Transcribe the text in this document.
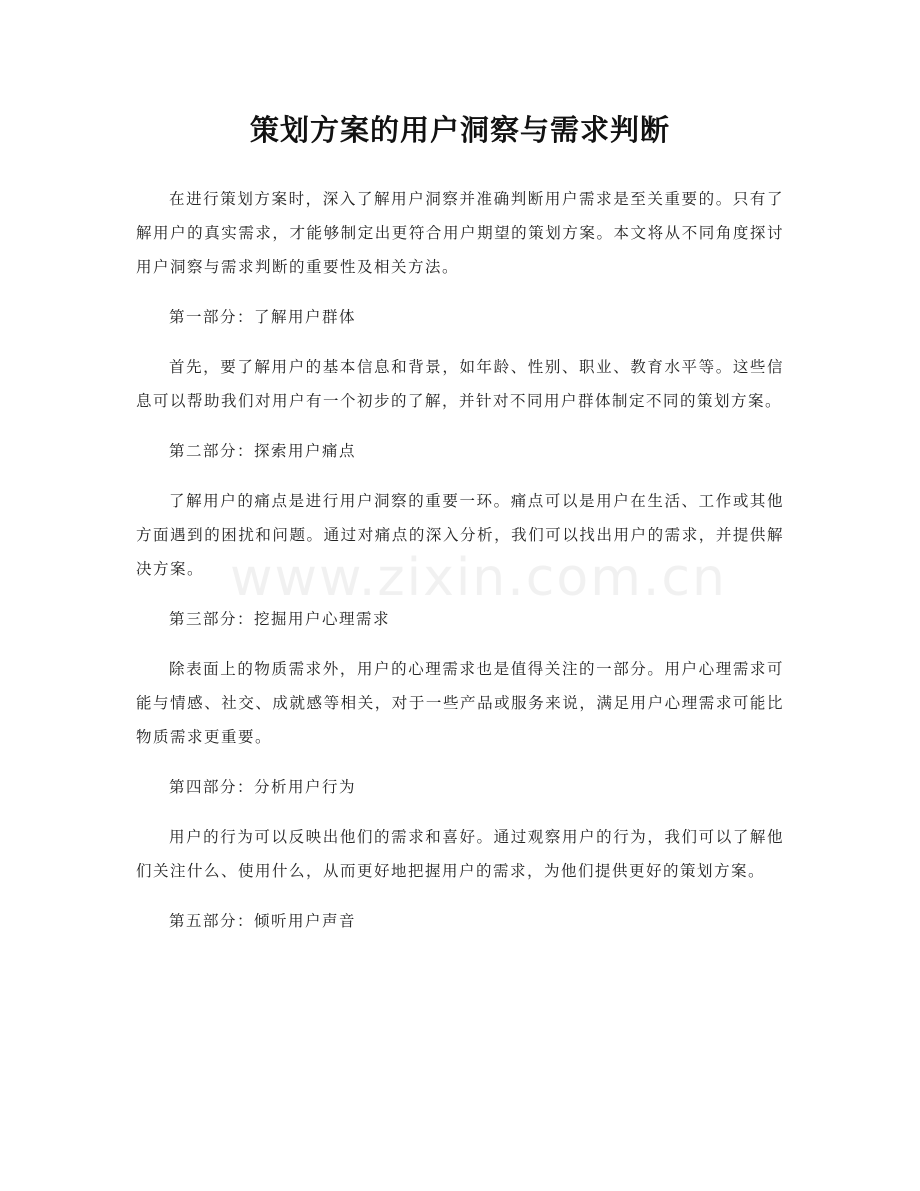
策划方案的用户洞察与需求判断

在进行策划方案时，深入了解用户洞察并准确判断用户需求是至关重要的。只有了解用户的真实需求，才能够制定出更符合用户期望的策划方案。本文将从不同角度探讨用户洞察与需求判断的重要性及相关方法。

第一部分：了解用户群体

首先，要了解用户的基本信息和背景，如年龄、性别、职业、教育水平等。这些信息可以帮助我们对用户有一个初步的了解，并针对不同用户群体制定不同的策划方案。

第二部分：探索用户痛点

了解用户的痛点是进行用户洞察的重要一环。痛点可以是用户在生活、工作或其他方面遇到的困扰和问题。通过对痛点的深入分析，我们可以找出用户的需求，并提供解决方案。

第三部分：挖掘用户心理需求

除表面上的物质需求外，用户的心理需求也是值得关注的一部分。用户心理需求可能与情感、社交、成就感等相关，对于一些产品或服务来说，满足用户心理需求可能比物质需求更重要。

第四部分：分析用户行为

用户的行为可以反映出他们的需求和喜好。通过观察用户的行为，我们可以了解他们关注什么、使用什么，从而更好地把握用户的需求，为他们提供更好的策划方案。

第五部分：倾听用户声音

www.zixin.com.cn
